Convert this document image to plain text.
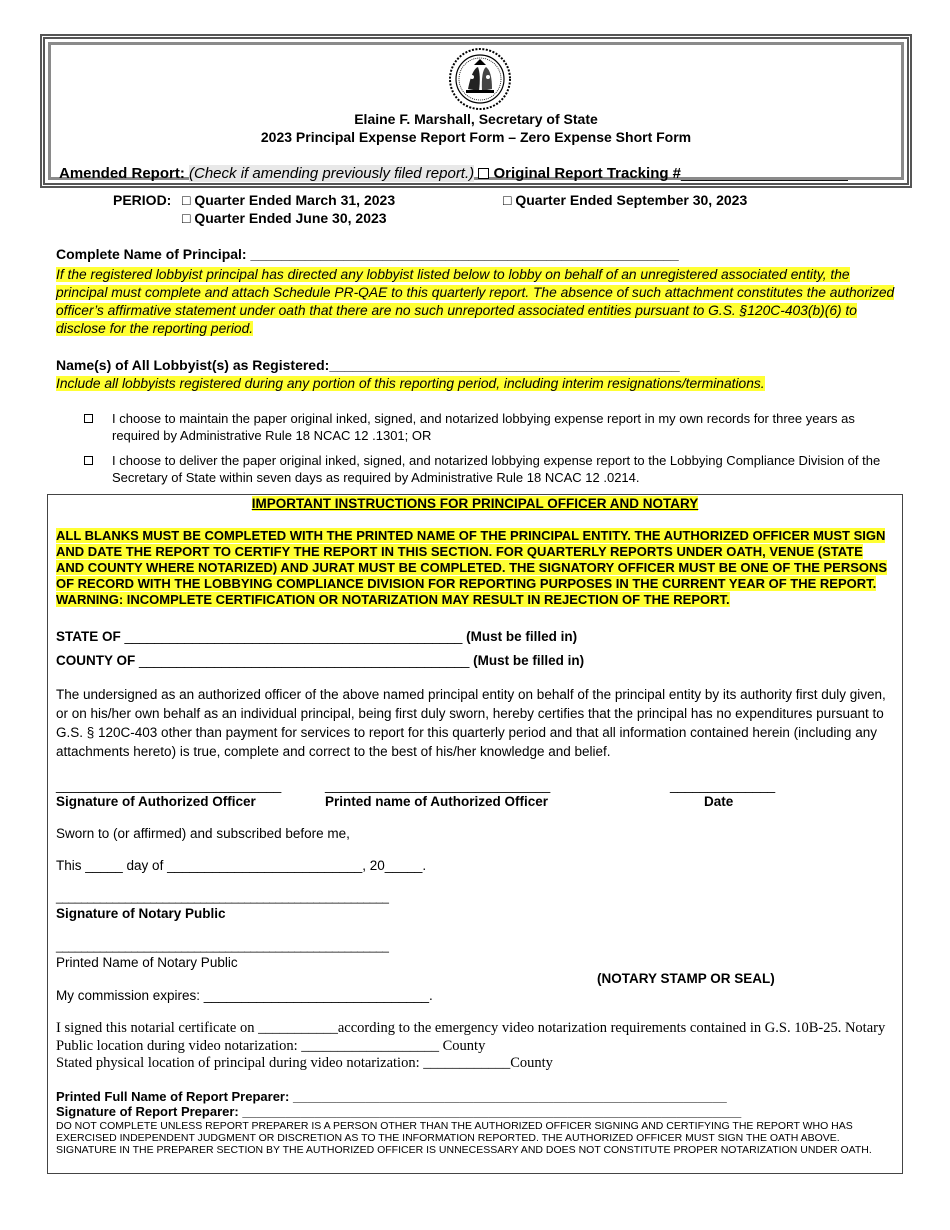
Elaine F. Marshall, Secretary of State
2023 Principal Expense Report Form – Zero Expense Short Form
Amended Report: (Check if amending previously filed report.) Original Report Tracking #____________________
PERIOD: □ Quarter Ended March 31, 2023
□ Quarter Ended June 30, 2023
□ Quarter Ended September 30, 2023
Complete Name of Principal: _______________________________________________________
If the registered lobbyist principal has directed any lobbyist listed below to lobby on behalf of an unregistered associated entity, the principal must complete and attach Schedule PR-QAE to this quarterly report. The absence of such attachment constitutes the authorized officer’s affirmative statement under oath that there are no such unreported associated entities pursuant to G.S. §120C-403(b)(6) to disclose for the reporting period.
Name(s) of All Lobbyist(s) as Registered:_____________________________________________
Include all lobbyists registered during any portion of this reporting period, including interim resignations/terminations.
I choose to maintain the paper original inked, signed, and notarized lobbying expense report in my own records for three years as required by Administrative Rule 18 NCAC 12 .1301; OR
I choose to deliver the paper original inked, signed, and notarized lobbying expense report to the Lobbying Compliance Division of the Secretary of State within seven days as required by Administrative Rule 18 NCAC 12 .0214.
IMPORTANT INSTRUCTIONS FOR PRINCIPAL OFFICER AND NOTARY
ALL BLANKS MUST BE COMPLETED WITH THE PRINTED NAME OF THE PRINCIPAL ENTITY. THE AUTHORIZED OFFICER MUST SIGN AND DATE THE REPORT TO CERTIFY THE REPORT IN THIS SECTION. FOR QUARTERLY REPORTS UNDER OATH, VENUE (STATE AND COUNTY WHERE NOTARIZED) AND JURAT MUST BE COMPLETED. THE SIGNATORY OFFICER MUST BE ONE OF THE PERSONS OF RECORD WITH THE LOBBYING COMPLIANCE DIVISION FOR REPORTING PURPOSES IN THE CURRENT YEAR OF THE REPORT. WARNING: INCOMPLETE CERTIFICATION OR NOTARIZATION MAY RESULT IN REJECTION OF THE REPORT.
STATE OF _____________________________________________ (Must be filled in)
COUNTY OF ____________________________________________ (Must be filled in)
The undersigned as an authorized officer of the above named principal entity on behalf of the principal entity by its authority first duly given, or on his/her own behalf as an individual principal, being first duly sworn, hereby certifies that the principal has no expenditures pursuant to G.S. § 120C-403 other than payment for services to report for this quarterly period and that all information contained herein (including any attachments hereto) is true, complete and correct to the best of his/her knowledge and belief.
______________________________	______________________________	______________
Signature of Authorized Officer	Printed name of Authorized Officer	Date
Sworn to (or affirmed) and subscribed before me,
This _____ day of __________________________, 20_____.
_____________________________________________________
Signature of Notary Public
_____________________________________________________
Printed Name of Notary Public
(NOTARY STAMP OR SEAL)
My commission expires: ______________________________.
I signed this notarial certificate on ___________according to the emergency video notarization requirements contained in G.S. 10B-25. Notary Public location during video notarization: ___________________ County
Stated physical location of principal during video notarization: ____________County
Printed Full Name of Report Preparer: ____________________________________________________________
Signature of Report Preparer: _____________________________________________________________________
DO NOT COMPLETE UNLESS REPORT PREPARER IS A PERSON OTHER THAN THE AUTHORIZED OFFICER SIGNING AND CERTIFYING THE REPORT WHO HAS EXERCISED INDEPENDENT JUDGMENT OR DISCRETION AS TO THE INFORMATION REPORTED. THE AUTHORIZED OFFICER MUST SIGN THE OATH ABOVE. SIGNATURE IN THE PREPARER SECTION BY THE AUTHORIZED OFFICER IS UNNECESSARY AND DOES NOT CONSTITUTE PROPER NOTARIZATION UNDER OATH.
